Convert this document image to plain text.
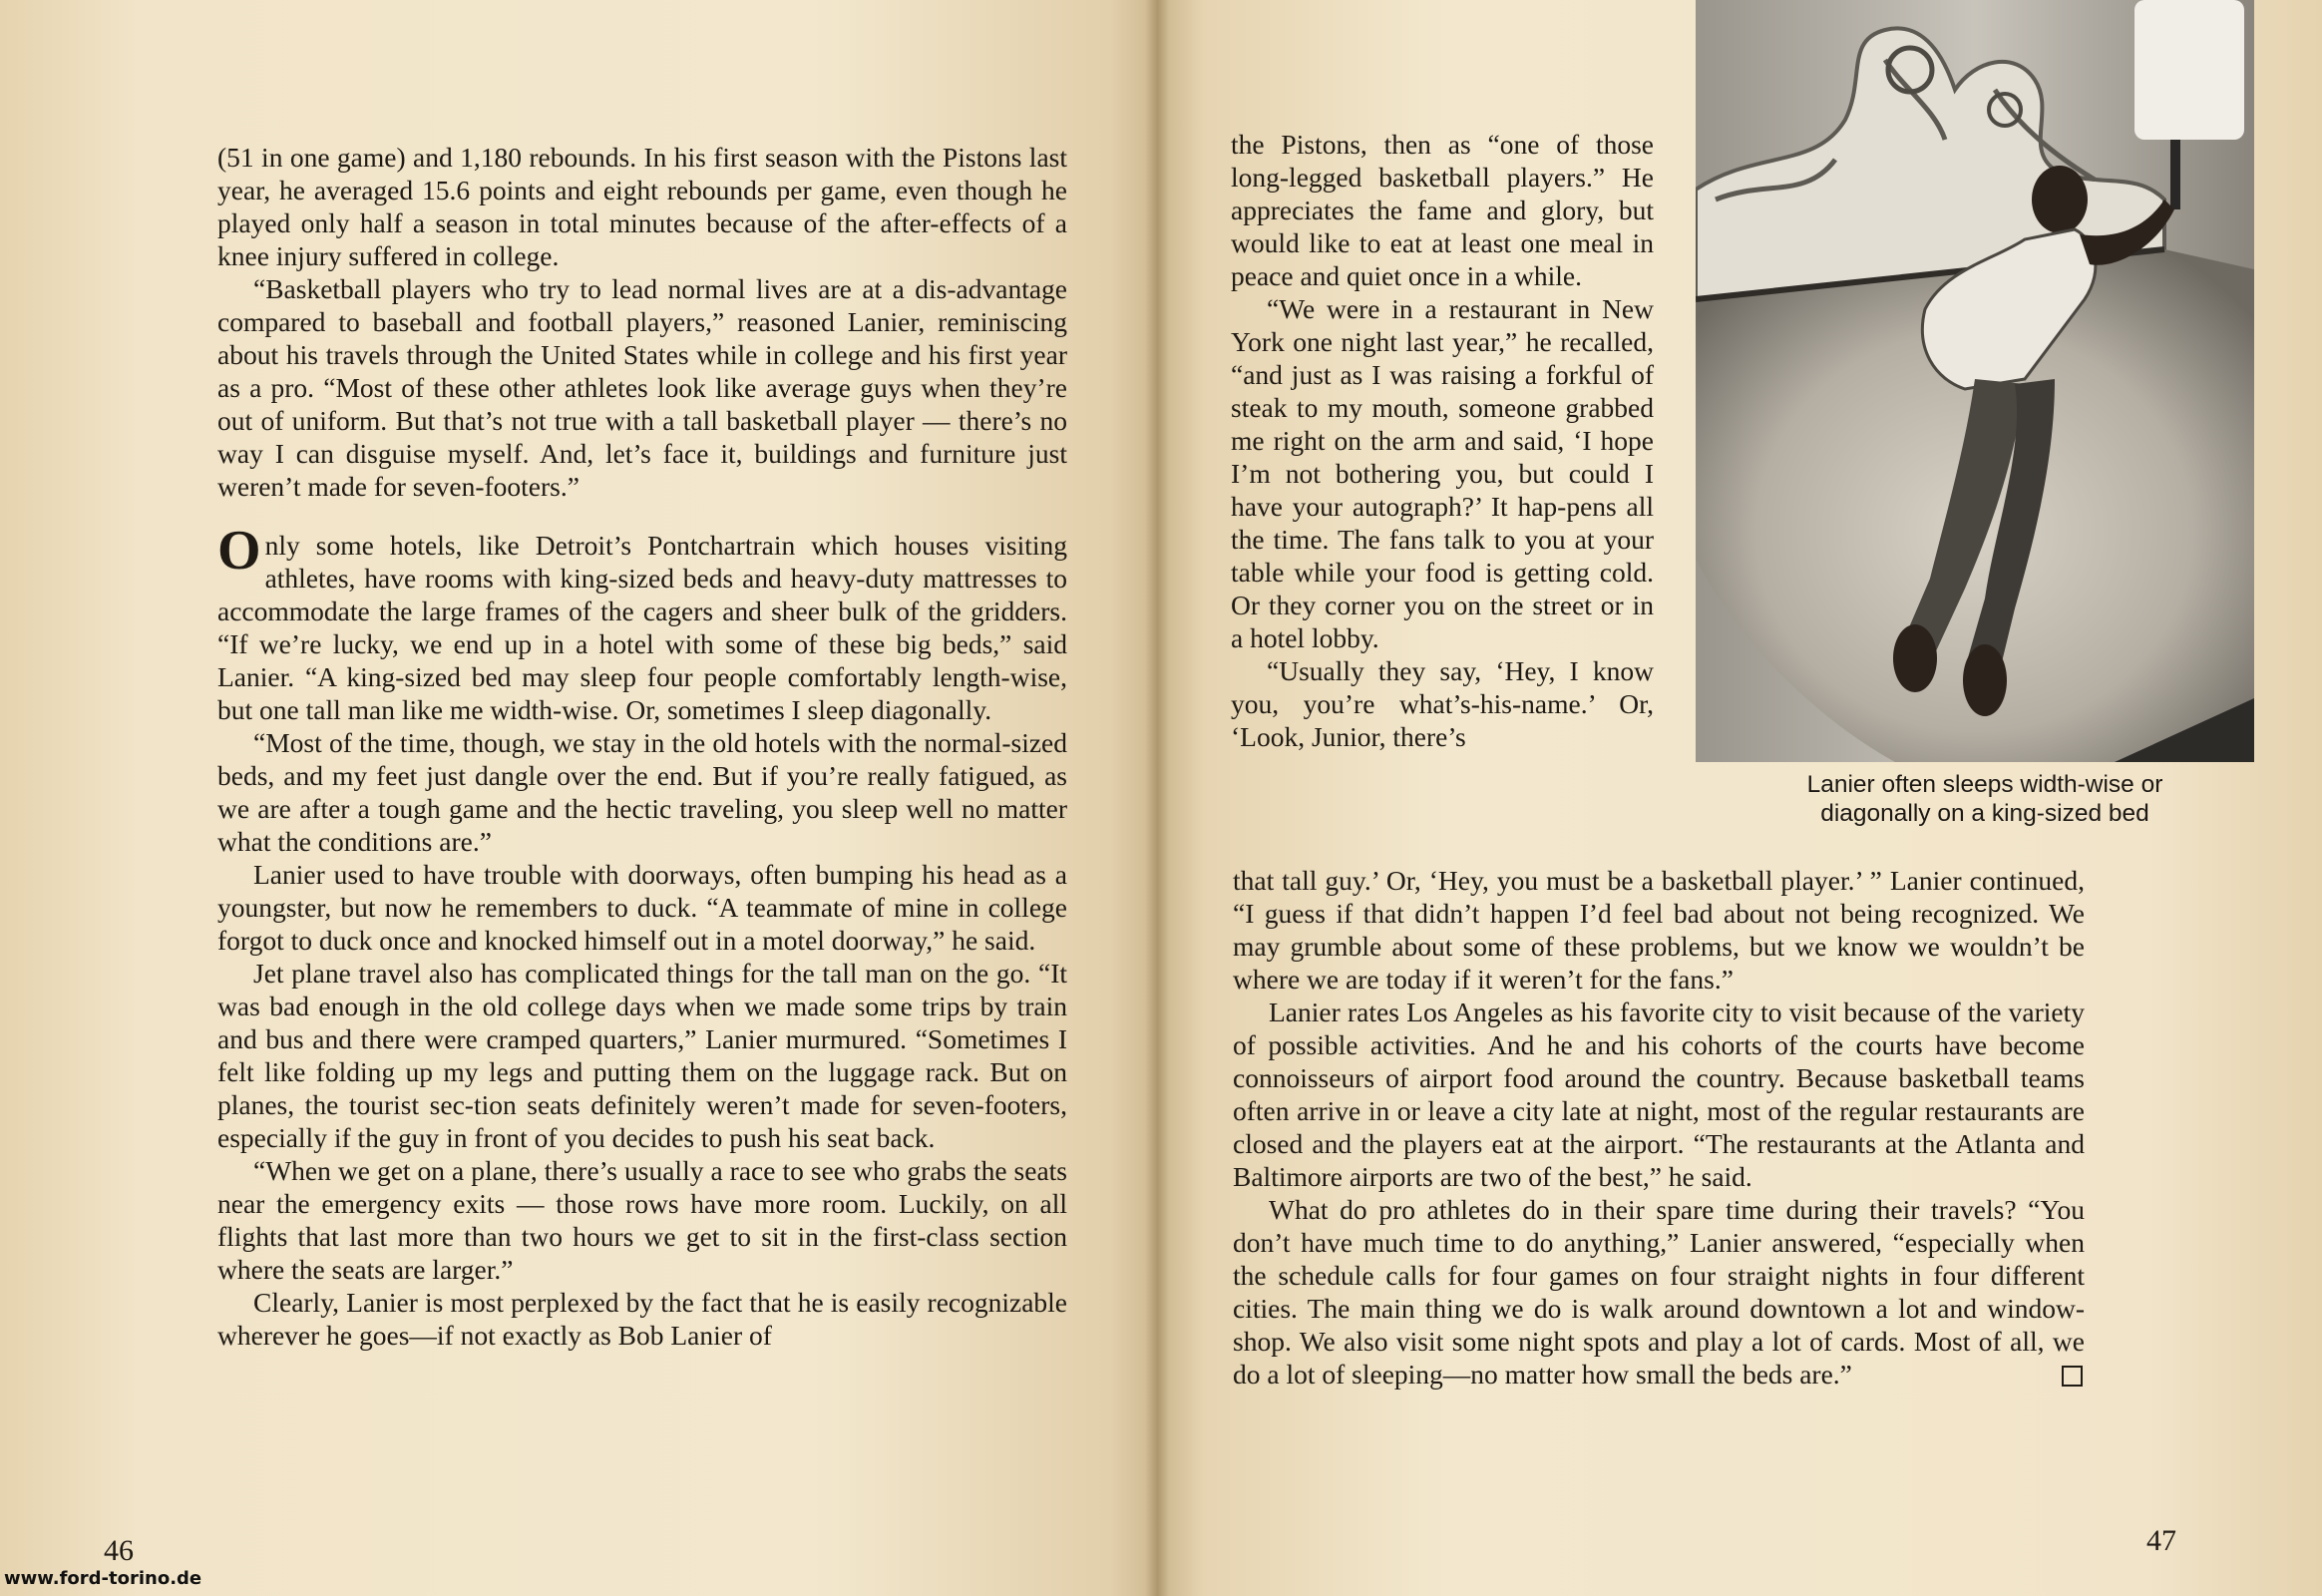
(51 in one game) and 1,180 rebounds. In his first season with the Pistons last year, he averaged 15.6 points and eight rebounds per game, even though he played only half a season in total minutes because of the after-effects of a knee injury suffered in college.

“Basketball players who try to lead normal lives are at a dis-advantage compared to baseball and football players,” reasoned Lanier, reminiscing about his travels through the United States while in college and his first year as a pro. “Most of these other athletes look like average guys when they’re out of uniform. But that’s not true with a tall basketball player — there’s no way I can disguise myself. And, let’s face it, buildings and furniture just weren’t made for seven-footers.”

Only some hotels, like Detroit’s Pontchartrain which houses visiting athletes, have rooms with king-sized beds and heavy-duty mattresses to accommodate the large frames of the cagers and sheer bulk of the gridders. “If we’re lucky, we end up in a hotel with some of these big beds,” said Lanier. “A king-sized bed may sleep four people comfortably length-wise, but one tall man like me width-wise. Or, sometimes I sleep diagonally.

“Most of the time, though, we stay in the old hotels with the normal-sized beds, and my feet just dangle over the end. But if you’re really fatigued, as we are after a tough game and the hectic traveling, you sleep well no matter what the conditions are.”

Lanier used to have trouble with doorways, often bumping his head as a youngster, but now he remembers to duck. “A teammate of mine in college forgot to duck once and knocked himself out in a motel doorway,” he said.

Jet plane travel also has complicated things for the tall man on the go. “It was bad enough in the old college days when we made some trips by train and bus and there were cramped quarters,” Lanier murmured. “Sometimes I felt like folding up my legs and putting them on the luggage rack. But on planes, the tourist sec-tion seats definitely weren’t made for seven-footers, especially if the guy in front of you decides to push his seat back.

“When we get on a plane, there’s usually a race to see who grabs the seats near the emergency exits — those rows have more room. Luckily, on all flights that last more than two hours we get to sit in the first-class section where the seats are larger.”

Clearly, Lanier is most perplexed by the fact that he is easily recognizable wherever he goes—if not exactly as Bob Lanier of

46
www.ford-torino.de

the Pistons, then as “one of those long-legged basketball players.” He appreciates the fame and glory, but would like to eat at least one meal in peace and quiet once in a while.

“We were in a restaurant in New York one night last year,” he recalled, “and just as I was raising a forkful of steak to my mouth, someone grabbed me right on the arm and said, ‘I hope I’m not bothering you, but could I have your autograph?’ It hap-pens all the time. The fans talk to you at your table while your food is getting cold. Or they corner you on the street or in a hotel lobby.

“Usually they say, ‘Hey, I know you, you’re what’s-his-name.’ Or, ‘Look, Junior, there’s

Lanier often sleeps width-wise or
diagonally on a king-sized bed

that tall guy.’ Or, ‘Hey, you must be a basketball player.’ ” Lanier continued, “I guess if that didn’t happen I’d feel bad about not being recognized. We may grumble about some of these problems, but we know we wouldn’t be where we are today if it weren’t for the fans.”

Lanier rates Los Angeles as his favorite city to visit because of the variety of possible activities. And he and his cohorts of the courts have become connoisseurs of airport food around the country. Because basketball teams often arrive in or leave a city late at night, most of the regular restaurants are closed and the players eat at the airport. “The restaurants at the Atlanta and Baltimore airports are two of the best,” he said.

What do pro athletes do in their spare time during their travels? “You don’t have much time to do anything,” Lanier answered, “especially when the schedule calls for four games on four straight nights in four different cities. The main thing we do is walk around downtown a lot and window-shop. We also visit some night spots and play a lot of cards. Most of all, we do a lot of sleeping—no matter how small the beds are.”

47
